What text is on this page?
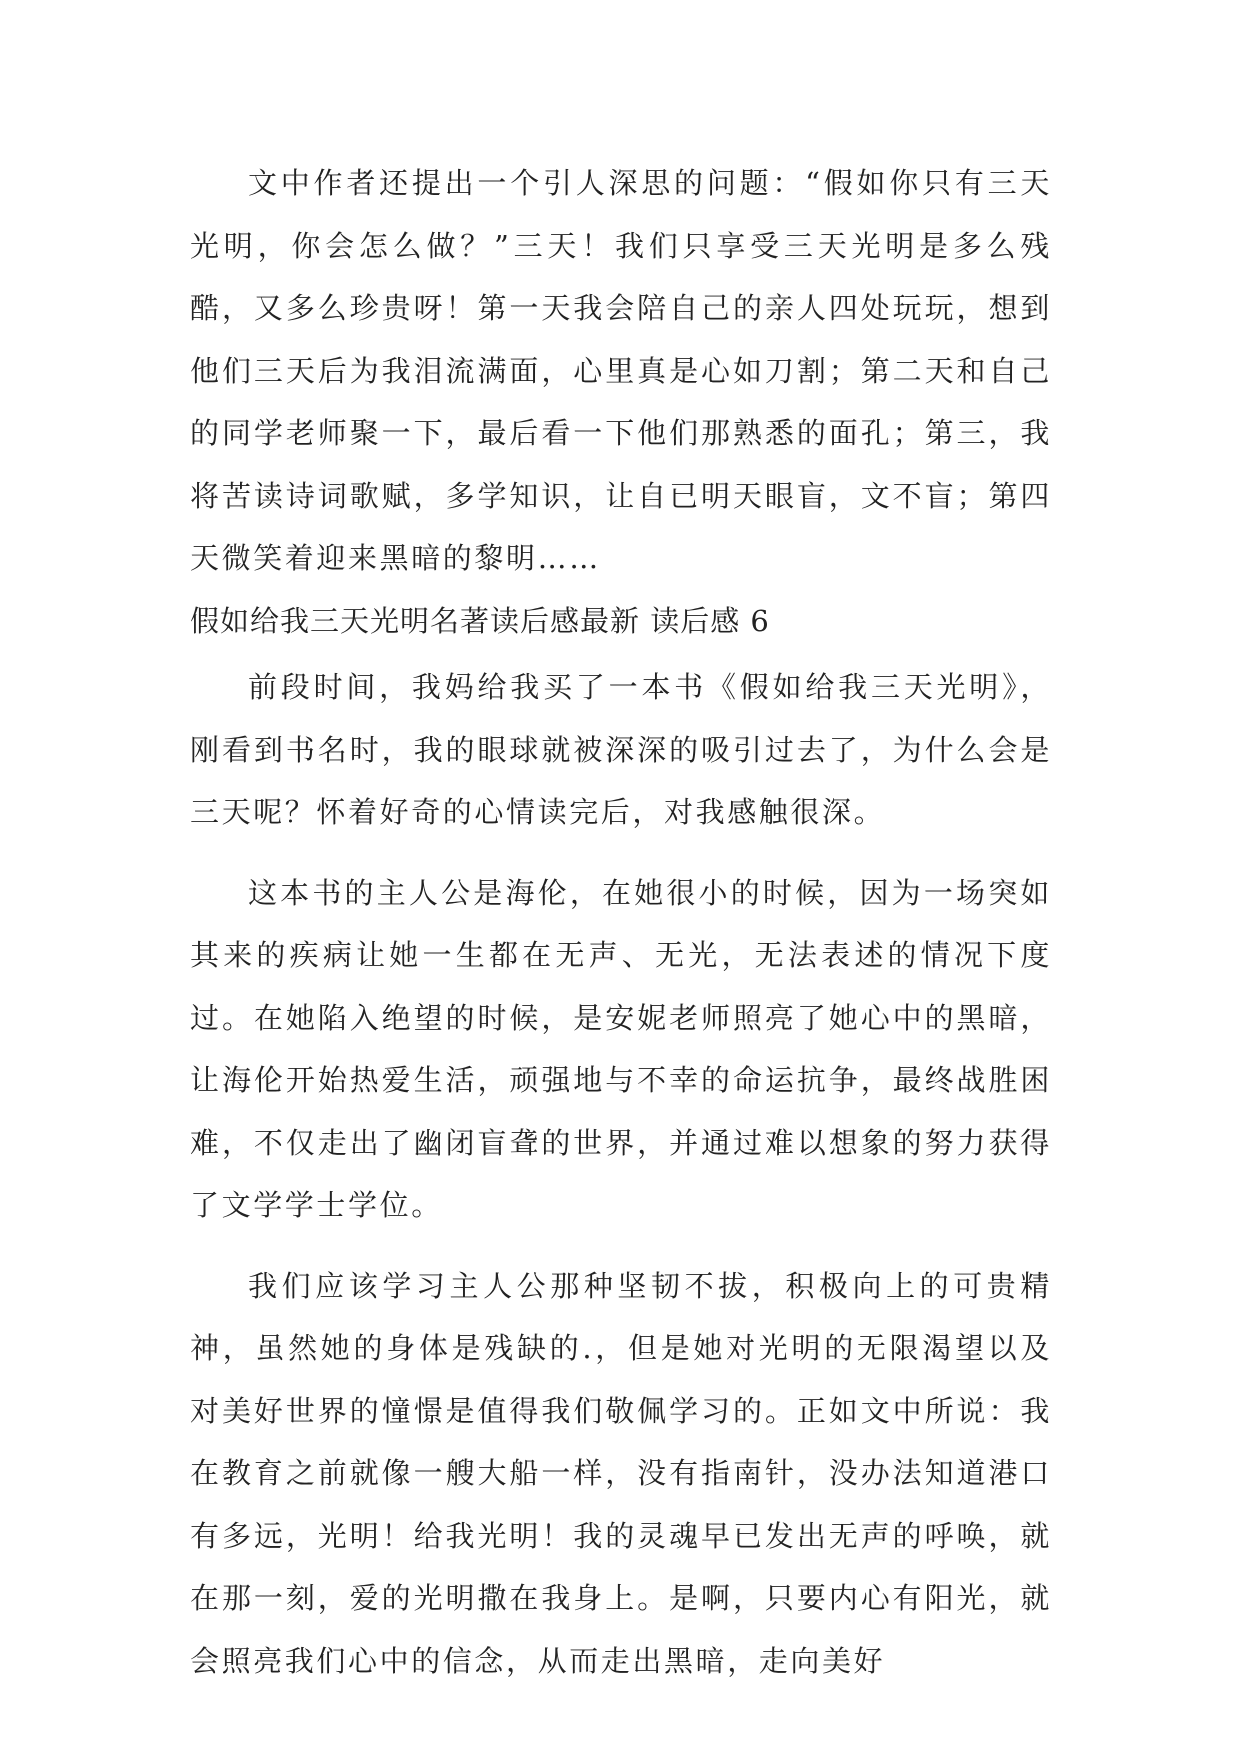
文中作者还提出一个引人深思的问题：“假如你只有三天光明，你会怎么做？”三天！我们只享受三天光明是多么残酷，又多么珍贵呀！第一天我会陪自己的亲人四处玩玩，想到他们三天后为我泪流满面，心里真是心如刀割；第二天和自己的同学老师聚一下，最后看一下他们那熟悉的面孔；第三，我将苦读诗词歌赋，多学知识，让自已明天眼盲，文不盲；第四天微笑着迎来黑暗的黎明……

假如给我三天光明名著读后感最新 读后感 6

前段时间，我妈给我买了一本书《假如给我三天光明》，刚看到书名时，我的眼球就被深深的吸引过去了，为什么会是三天呢？怀着好奇的心情读完后，对我感触很深。

这本书的主人公是海伦，在她很小的时候，因为一场突如其来的疾病让她一生都在无声、无光，无法表述的情况下度过。在她陷入绝望的时候，是安妮老师照亮了她心中的黑暗，让海伦开始热爱生活，顽强地与不幸的命运抗争，最终战胜困难，不仅走出了幽闭盲聋的世界，并通过难以想象的努力获得了文学学士学位。

我们应该学习主人公那种坚韧不拔，积极向上的可贵精神，虽然她的身体是残缺的.，但是她对光明的无限渴望以及对美好世界的憧憬是值得我们敬佩学习的。正如文中所说：我在教育之前就像一艘大船一样，没有指南针，没办法知道港口有多远，光明！给我光明！我的灵魂早已发出无声的呼唤，就在那一刻，爱的光明撒在我身上。是啊，只要内心有阳光，就会照亮我们心中的信念，从而走出黑暗，走向美好
